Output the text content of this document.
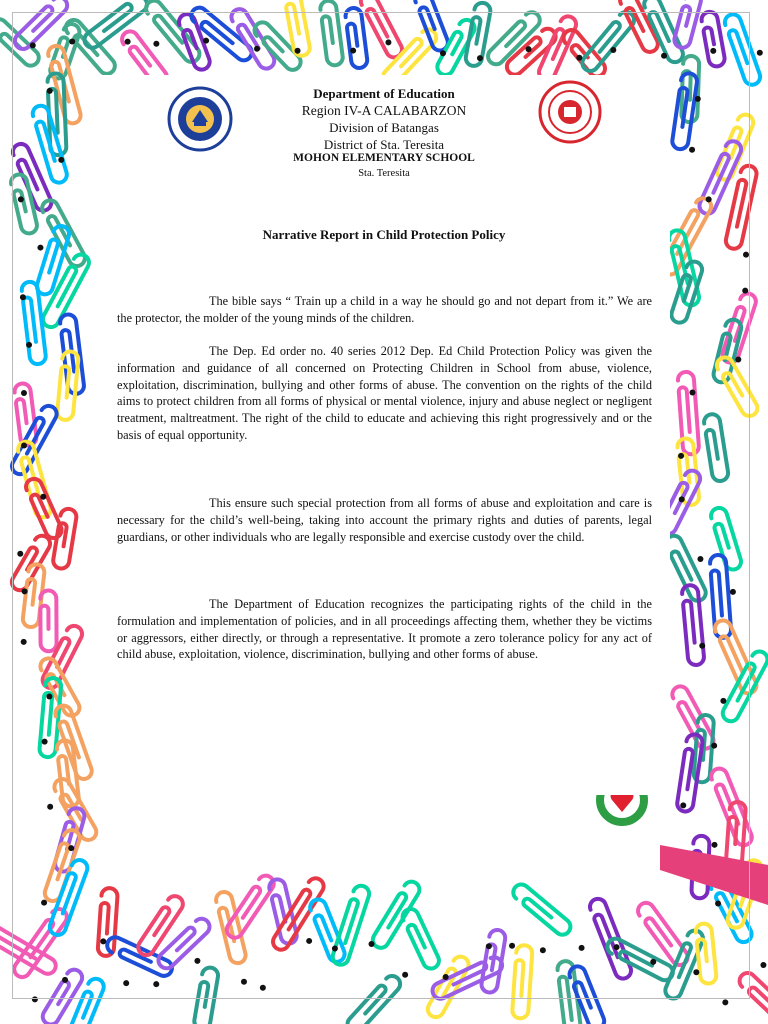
Department of Education
Region IV-A CALABARZON
Division of Batangas
District of Sta. Teresita
MOHON ELEMENTARY SCHOOL
Sta. Teresita
Narrative Report in Child Protection Policy
The bible says “ Train up a child in a way he should go and not depart from it.” We are the protector, the molder of the young minds of the children.
The Dep. Ed order no. 40 series 2012 Dep. Ed Child Protection Policy was given the information and guidance of all concerned on Protecting Children in School from abuse, violence, exploitation, discrimination, bullying and other forms of abuse. The convention on the rights of the child aims to protect children from all forms of physical or mental violence, injury and abuse neglect or negligent treatment, maltreatment. The right of the child to educate and achieving this right progressively and or the basis of equal opportunity.
This ensure such special protection from all forms of abuse and exploitation and care is necessary for the child’s well-being, taking into account the primary rights and duties of parents, legal guardians, or other individuals who are legally responsible and exercise custody over the child.
The Department of Education recognizes the participating rights of the child in the formulation and implementation of policies, and in all proceedings affecting them, whether they be victims or aggressors, either directly, or through a representative. It promote a zero tolerance policy for any act of child abuse, exploitation, violence, discrimination, bullying and other forms of abuse.
